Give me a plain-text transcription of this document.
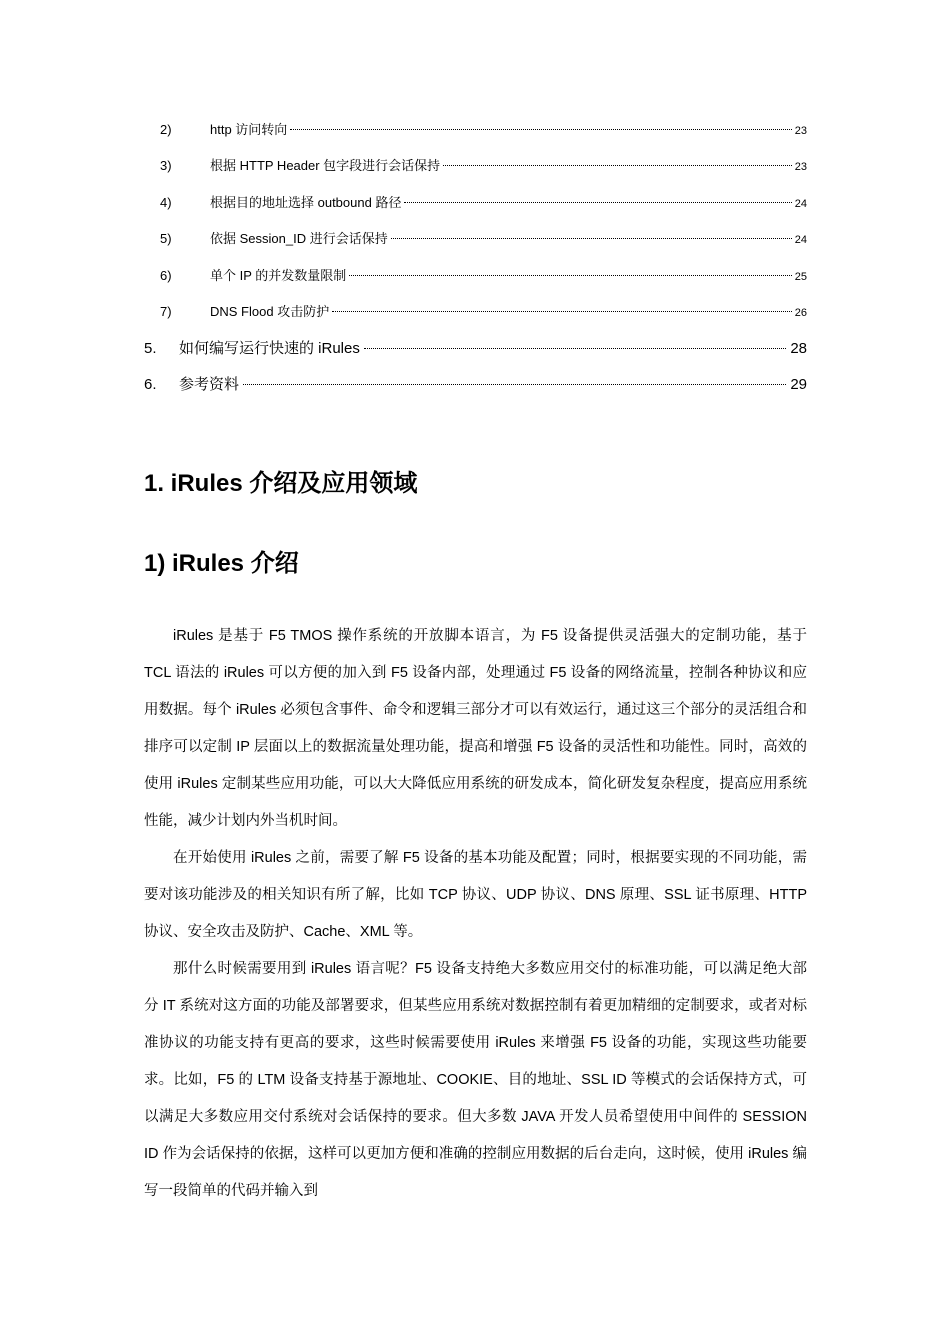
2)	http 访问转向	23
3)	根据 HTTP Header 包字段进行会话保持	23
4)	根据目的地址选择 outbound 路径	24
5)	依据 Session_ID 进行会话保持	24
6)	单个 IP 的并发数量限制	25
7)	DNS Flood 攻击防护	26
5.	如何编写运行快速的 iRules	28
6.	参考资料	29
1. iRules 介绍及应用领域
1) iRules 介绍

iRules 是基于 F5 TMOS 操作系统的开放脚本语言，为 F5 设备提供灵活强大的定制功能，基于 TCL 语法的 iRules 可以方便的加入到 F5 设备内部，处理通过 F5 设备的网络流量，控制各种协议和应用数据。每个 iRules 必须包含事件、命令和逻辑三部分才可以有效运行，通过这三个部分的灵活组合和排序可以定制 IP 层面以上的数据流量处理功能，提高和增强 F5 设备的灵活性和功能性。同时，高效的使用 iRules 定制某些应用功能，可以大大降低应用系统的研发成本，简化研发复杂程度，提高应用系统性能，减少计划内外当机时间。

在开始使用 iRules 之前，需要了解 F5 设备的基本功能及配置；同时，根据要实现的不同功能，需要对该功能涉及的相关知识有所了解，比如 TCP 协议、UDP 协议、DNS 原理、SSL 证书原理、HTTP 协议、安全攻击及防护、Cache、XML 等。

那什么时候需要用到 iRules 语言呢？F5 设备支持绝大多数应用交付的标准功能，可以满足绝大部分 IT 系统对这方面的功能及部署要求，但某些应用系统对数据控制有着更加精细的定制要求，或者对标准协议的功能支持有更高的要求，这些时候需要使用 iRules 来增强 F5 设备的功能，实现这些功能要求。比如，F5 的 LTM 设备支持基于源地址、COOKIE、目的地址、SSL ID 等模式的会话保持方式，可以满足大多数应用交付系统对会话保持的要求。但大多数 JAVA 开发人员希望使用中间件的 SESSION ID 作为会话保持的依据，这样可以更加方便和准确的控制应用数据的后台走向，这时候，使用 iRules 编写一段简单的代码并输入到
